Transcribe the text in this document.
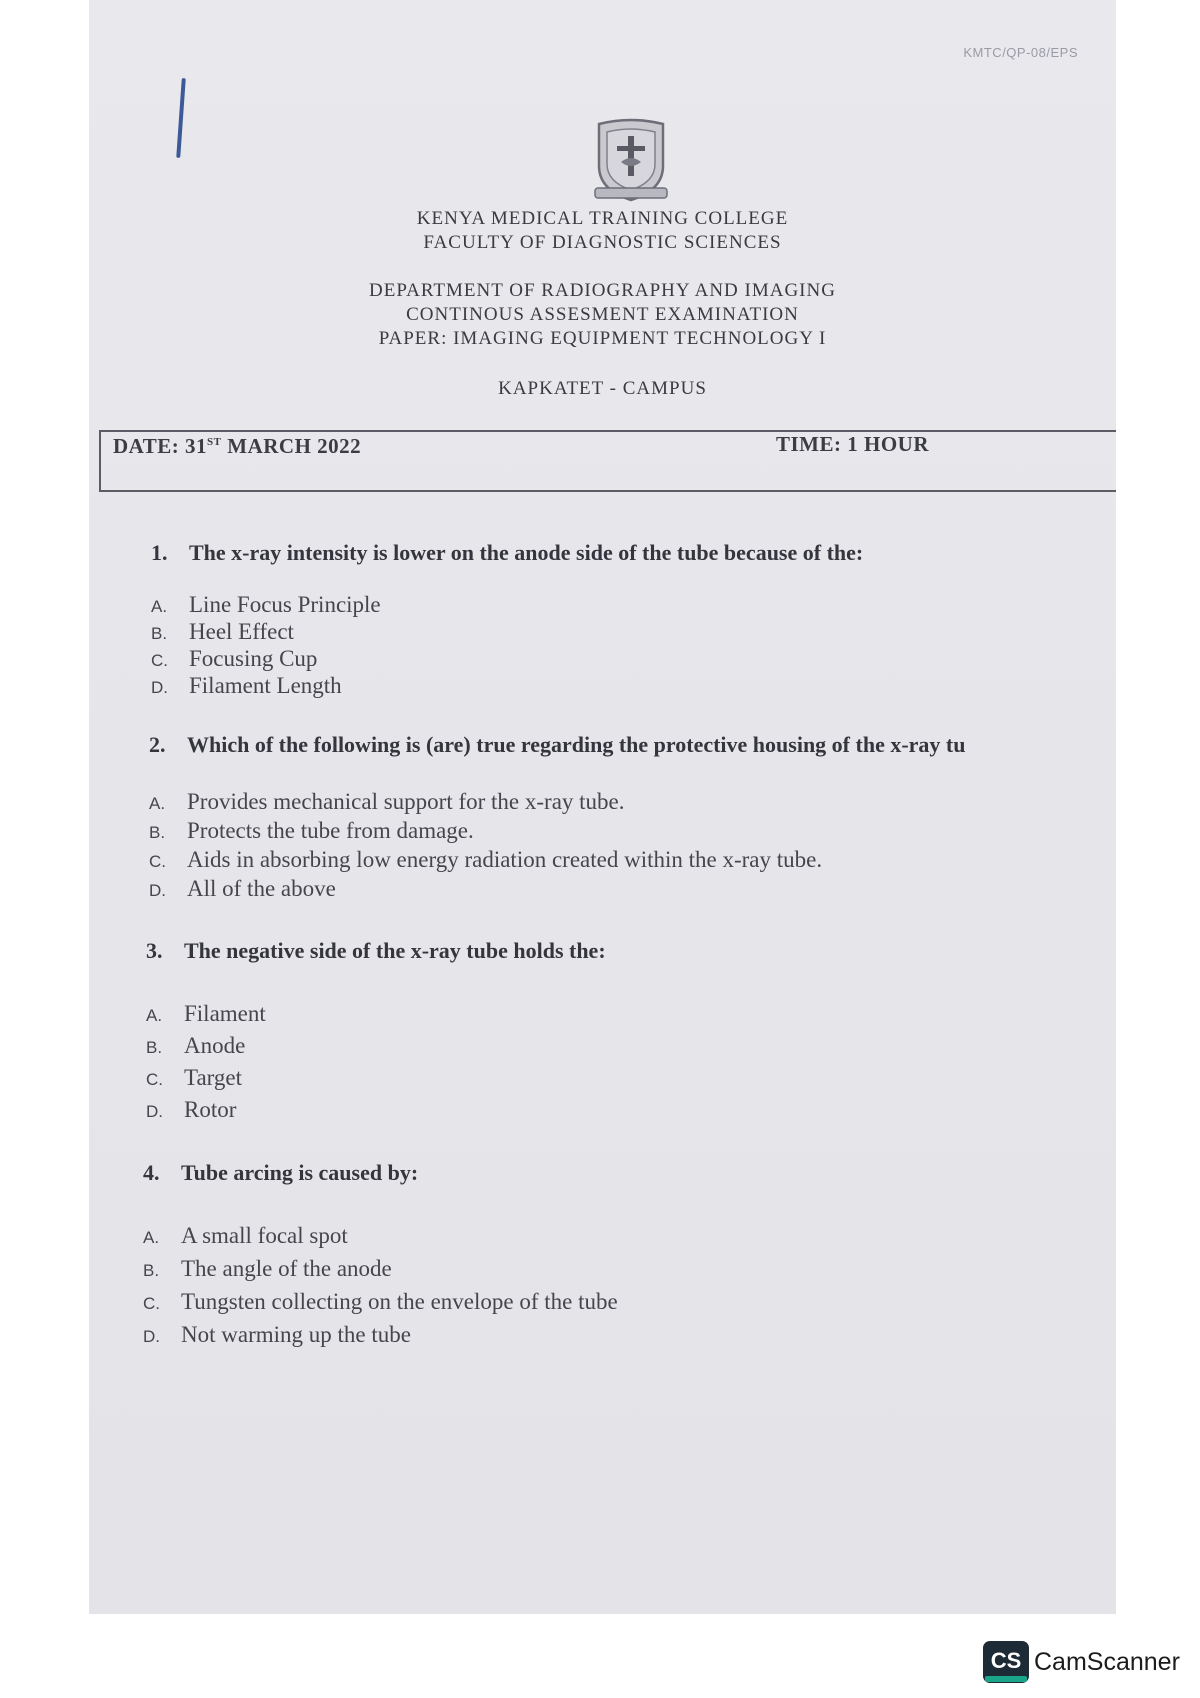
KMTC/QP-08/EPS
KENYA MEDICAL TRAINING COLLEGE
FACULTY OF DIAGNOSTIC SCIENCES
DEPARTMENT OF RADIOGRAPHY AND IMAGING
CONTINOUS ASSESMENT EXAMINATION
PAPER: IMAGING EQUIPMENT TECHNOLOGY I
KAPKATET - CAMPUS
DATE: 31ST MARCH 2022	TIME: 1 HOUR
1. The x-ray intensity is lower on the anode side of the tube because of the:
A. Line Focus Principle
B. Heel Effect
C. Focusing Cup
D. Filament Length
2. Which of the following is (are) true regarding the protective housing of the x-ray tu
A. Provides mechanical support for the x-ray tube.
B. Protects the tube from damage.
C. Aids in absorbing low energy radiation created within the x-ray tube.
D. All of the above
3. The negative side of the x-ray tube holds the:
A. Filament
B. Anode
C. Target
D. Rotor
4. Tube arcing is caused by:
A. A small focal spot
B. The angle of the anode
C. Tungsten collecting on the envelope of the tube
D. Not warming up the tube
CS CamScanner
